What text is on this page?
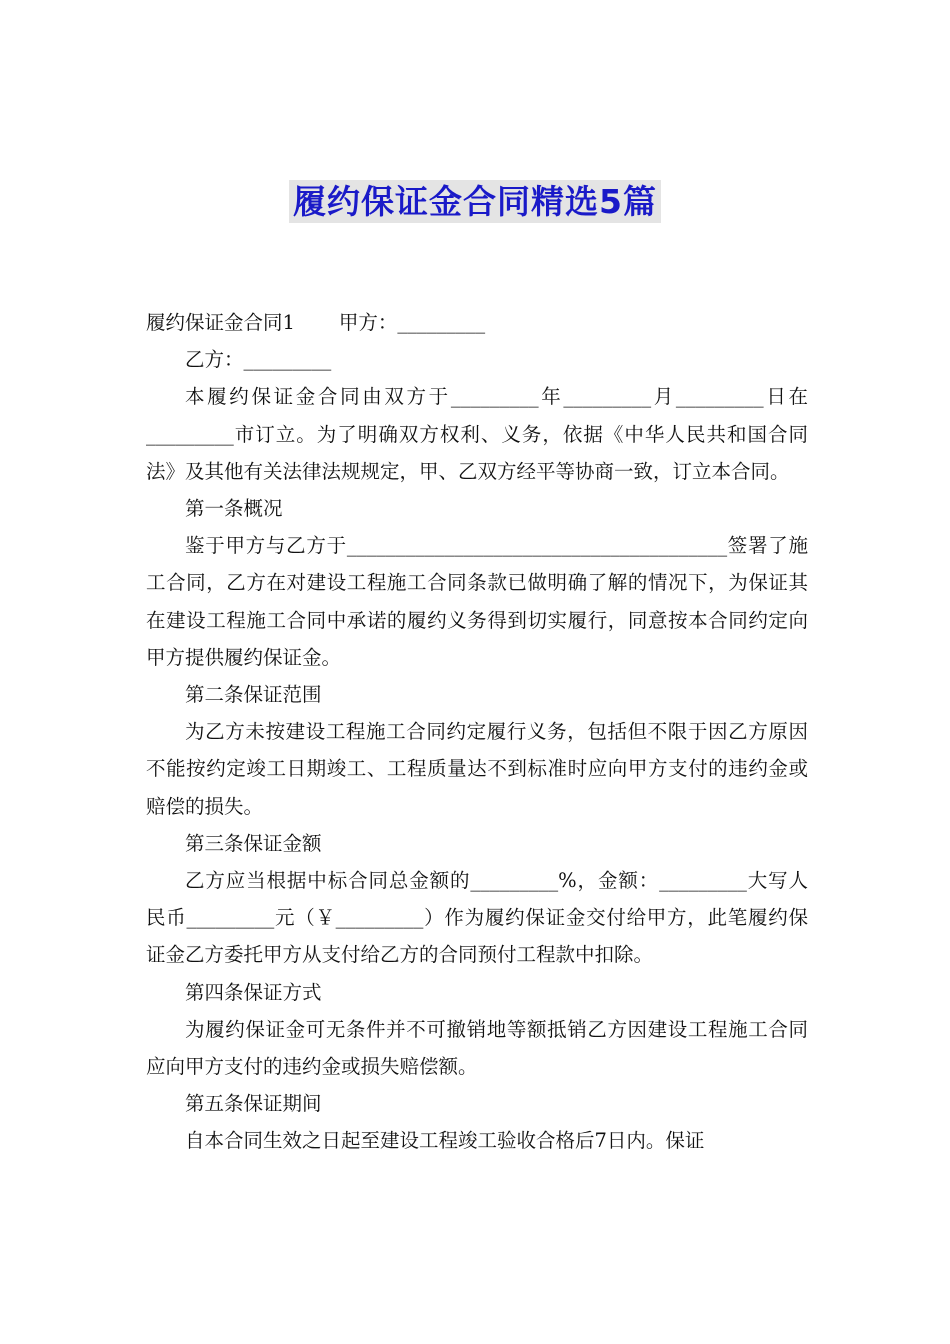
履约保证金合同精选5篇

履约保证金合同1 甲方：_________

乙方：_________

本履约保证金合同由双方于_________年_________月_________日在_________市订立。为了明确双方权利、义务，依据《中华人民共和国合同法》及其他有关法律法规规定，甲、乙双方经平等协商一致，订立本合同。

第一条概况

鉴于甲方与乙方于_______________________________________签署了施工合同，乙方在对建设工程施工合同条款已做明确了解的情况下，为保证其在建设工程施工合同中承诺的履约义务得到切实履行，同意按本合同约定向甲方提供履约保证金。

第二条保证范围

为乙方未按建设工程施工合同约定履行义务，包括但不限于因乙方原因不能按约定竣工日期竣工、工程质量达不到标准时应向甲方支付的违约金或赔偿的损失。

第三条保证金额

乙方应当根据中标合同总金额的_________%，金额：_________大写人民币_________元（￥_________）作为履约保证金交付给甲方，此笔履约保证金乙方委托甲方从支付给乙方的合同预付工程款中扣除。

第四条保证方式

为履约保证金可无条件并不可撤销地等额抵销乙方因建设工程施工合同应向甲方支付的违约金或损失赔偿额。

第五条保证期间

自本合同生效之日起至建设工程竣工验收合格后7日内。保证
